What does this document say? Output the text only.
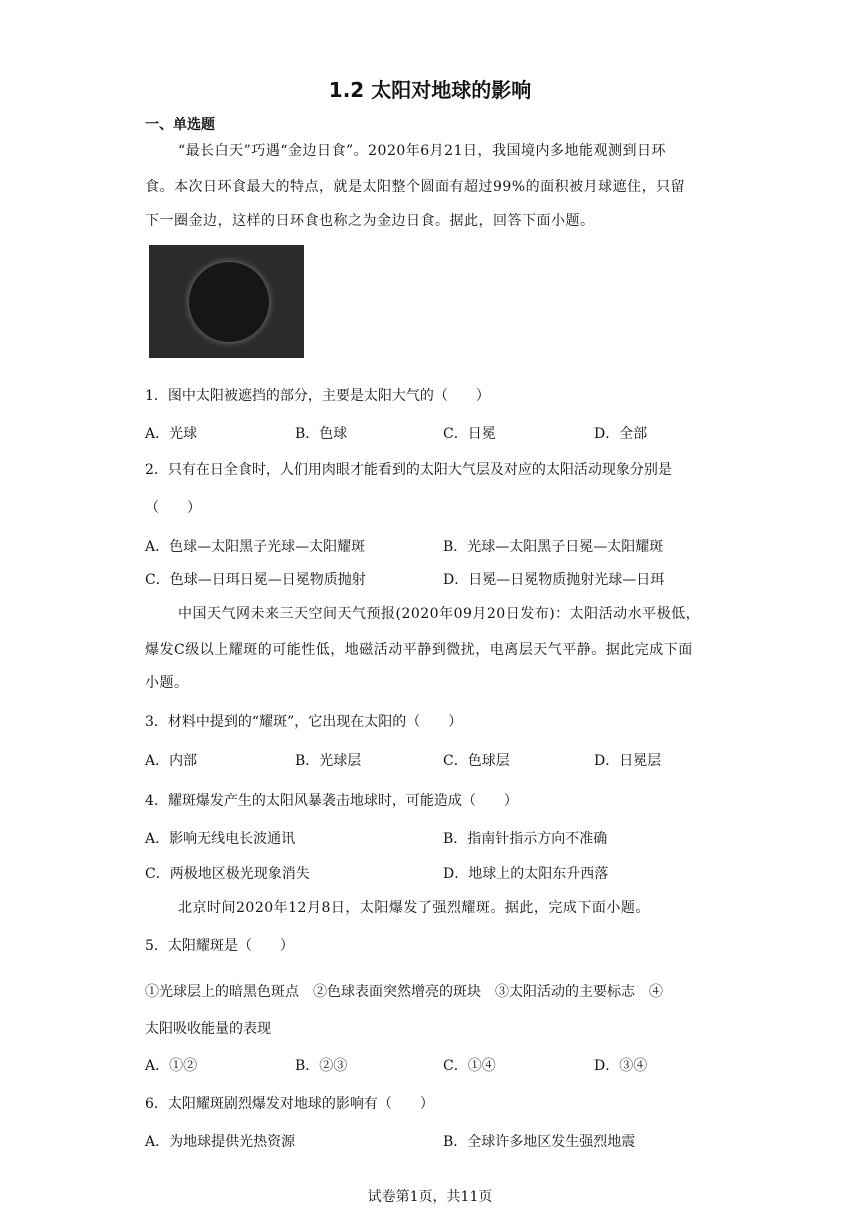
1.2 太阳对地球的影响
一、单选题
“最长白天”巧遇“金边日食”。2020年6月21日，我国境内多地能观测到日环
食。本次日环食最大的特点，就是太阳整个圆面有超过99%的面积被月球遮住，只留
下一圈金边，这样的日环食也称之为金边日食。据此，回答下面小题。
1．图中太阳被遮挡的部分，主要是太阳大气的（　　）
A．光球	B．色球	C．日冕	D．全部
2．只有在日全食时，人们用肉眼才能看到的太阳大气层及对应的太阳活动现象分别是
（　　）
A．色球—太阳黑子光球—太阳耀斑	B．光球—太阳黑子日冕—太阳耀斑
C．色球—日珥日冕—日冕物质抛射	D．日冕—日冕物质抛射光球—日珥
中国天气网未来三天空间天气预报(2020年09月20日发布)：太阳活动水平极低，
爆发C级以上耀斑的可能性低，地磁活动平静到微扰，电离层天气平静。据此完成下面
小题。
3．材料中提到的“耀斑”，它出现在太阳的（　　）
A．内部	B．光球层	C．色球层	D．日冕层
4．耀斑爆发产生的太阳风暴袭击地球时，可能造成（　　）
A．影响无线电长波通讯	B．指南针指示方向不准确
C．两极地区极光现象消失	D．地球上的太阳东升西落
北京时间2020年12月8日，太阳爆发了强烈耀斑。据此，完成下面小题。
5．太阳耀斑是（　　）
①光球层上的暗黑色斑点　②色球表面突然增亮的斑块　③太阳活动的主要标志　④
太阳吸收能量的表现
A．①②	B．②③	C．①④	D．③④
6．太阳耀斑剧烈爆发对地球的影响有（　　）
A．为地球提供光热资源	B．全球许多地区发生强烈地震
试卷第1页，共11页
